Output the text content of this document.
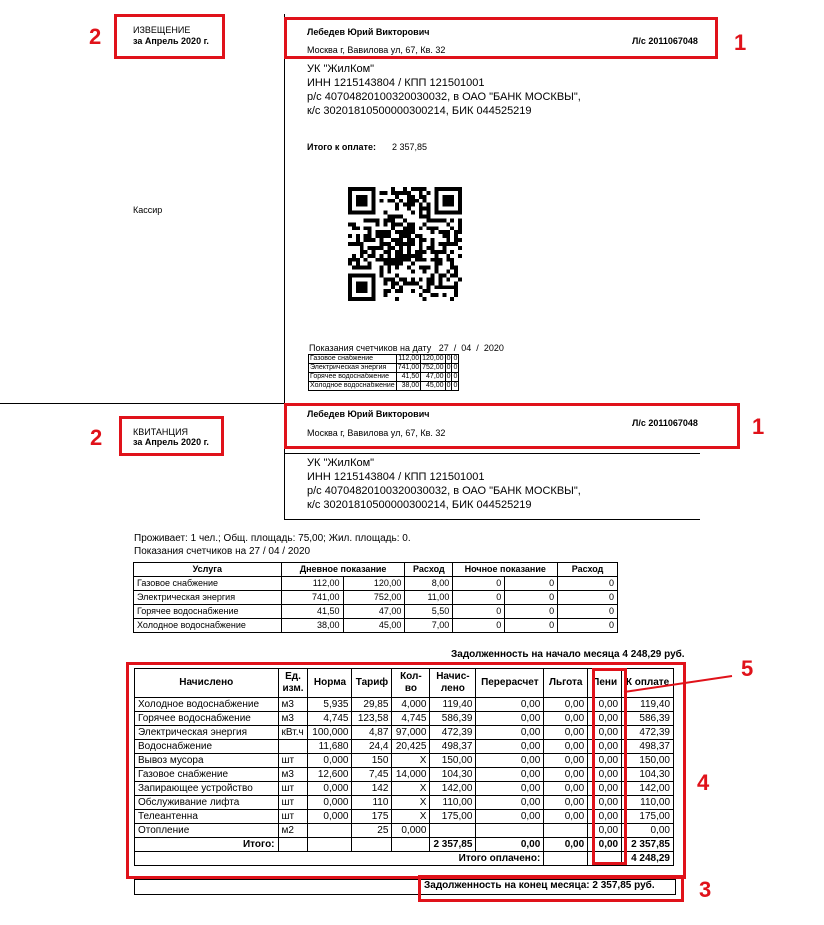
ИЗВЕЩЕНИЕ
за Апрель 2020 г.
Кассир
Лебедев Юрий Викторович
Москва г, Вавилова ул, 67, Кв. 32
Л/с 2011067048
УК "ЖилКом"
ИНН 1215143804 / КПП 121501001
р/с 40704820100320030032, в ОАО "БАНК МОСКВЫ",
к/с 30201810500000300214, БИК 044525219
Итого к оплате: 2 357,85
Показания счетчиков на дату 27  /  04  /  2020
Газовое снабжение	112,00	120,00	0	0
Электрическая энергия	741,00	752,00	0	0
Горячее водоснабжение	41,50	47,00	0	0
Холодное водоснабжение	38,00	45,00	0	0
КВИТАНЦИЯ
за Апрель 2020 г.
Лебедев Юрий Викторович
Москва г, Вавилова ул, 67, Кв. 32
Л/с 2011067048
УК "ЖилКом"
ИНН 1215143804 / КПП 121501001
р/с 40704820100320030032, в ОАО "БАНК МОСКВЫ",
к/с 30201810500000300214, БИК 044525219
Проживает: 1 чел.; Общ. площадь: 75,00; Жил. площадь: 0.
Показания счетчиков на 27 / 04 / 2020
Услуга	Дневное показание		Расход	Ночное показание		Расход
Газовое снабжение	112,00	120,00	8,00	0	0	0
Электрическая энергия	741,00	752,00	11,00	0	0	0
Горячее водоснабжение	41,50	47,00	5,50	0	0	0
Холодное водоснабжение	38,00	45,00	7,00	0	0	0
Задолженность на начало месяца 4 248,29 руб.
Начислено	Ед. изм.	Норма	Тариф	Кол-во	Начис- лено	Перерасчет	Льгота	Пени	К оплате
Холодное водоснабжение	м3	5,935	29,85	4,000	119,40	0,00	0,00	0,00	119,40
Горячее водоснабжение	м3	4,745	123,58	4,745	586,39	0,00	0,00	0,00	586,39
Электрическая энергия	кВт.ч	100,000	4,87	97,000	472,39	0,00	0,00	0,00	472,39
Водоснабжение		11,680	24,4	20,425	498,37	0,00	0,00	0,00	498,37
Вывоз мусора	шт	0,000	150	Х	150,00	0,00	0,00	0,00	150,00
Газовое снабжение	м3	12,600	7,45	14,000	104,30	0,00	0,00	0,00	104,30
Запирающее устройство	шт	0,000	142	Х	142,00	0,00	0,00	0,00	142,00
Обслуживание лифта	шт	0,000	110	Х	110,00	0,00	0,00	0,00	110,00
Телеантенна	шт	0,000	175	Х	175,00	0,00	0,00	0,00	175,00
Отопление	м2		25	0,000				0,00	0,00
Итого:					2 357,85	0,00	0,00	0,00	2 357,85
Итого оплачено:									4 248,29
Задолженность на конец месяца: 2 357,85 руб.
2	1
2	1
5
4
3
